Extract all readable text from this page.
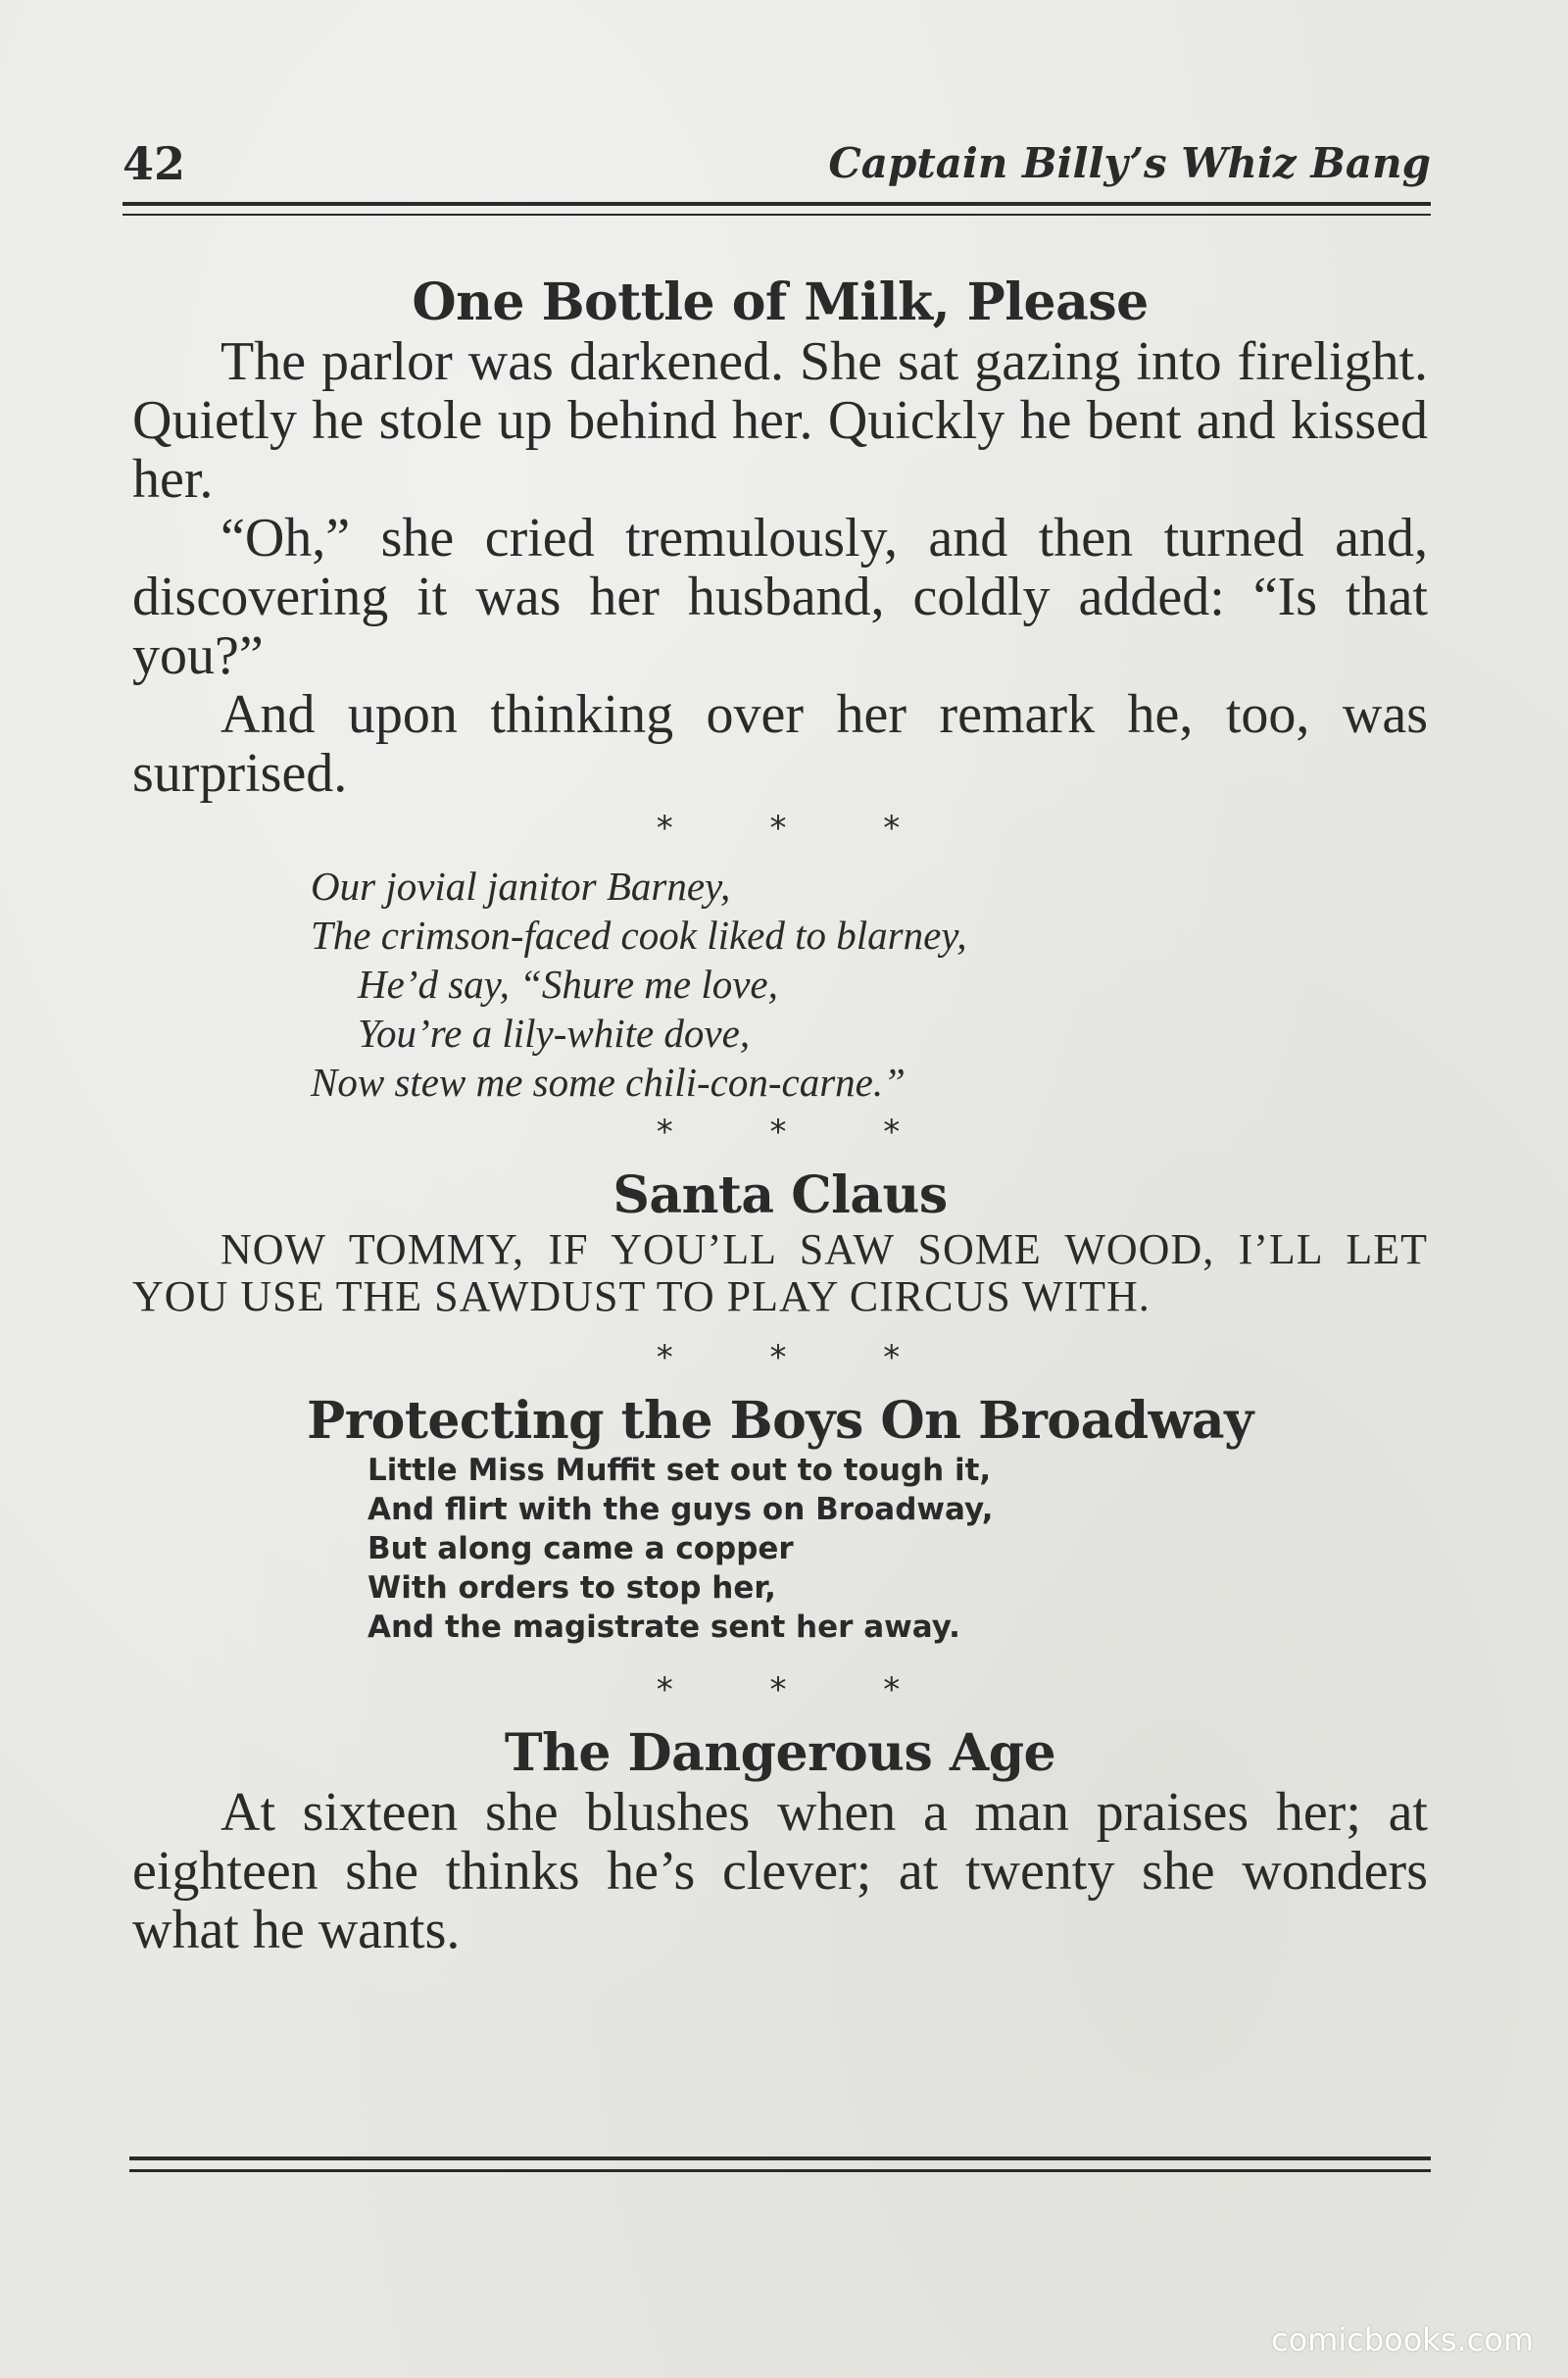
42	Captain Billy’s Whiz Bang
One Bottle of Milk, Please

The parlor was darkened. She sat gazing into firelight. Quietly he stole up behind her. Quickly he bent and kissed her.

“Oh,” she cried tremulously, and then turned and, discovering it was her husband, coldly added: “Is that you?”

And upon thinking over her remark he, too, was surprised.

* * *
Our jovial janitor Barney,
The crimson-faced cook liked to blarney,
He’d say, “Shure me love,
You’re a lily-white dove,
Now stew me some chili-con-carne.”
* * *
Santa Claus

NOW TOMMY, IF YOU’LL SAW SOME WOOD, I’LL LET YOU USE THE SAWDUST TO PLAY CIRCUS WITH.

* * *
Protecting the Boys On Broadway
Little Miss Muffit set out to tough it,
And flirt with the guys on Broadway,
But along came a copper
With orders to stop her,
And the magistrate sent her away.
* * *
The Dangerous Age

At sixteen she blushes when a man praises her; at eighteen she thinks he’s clever; at twenty she wonders what he wants.

comicbooks.com
